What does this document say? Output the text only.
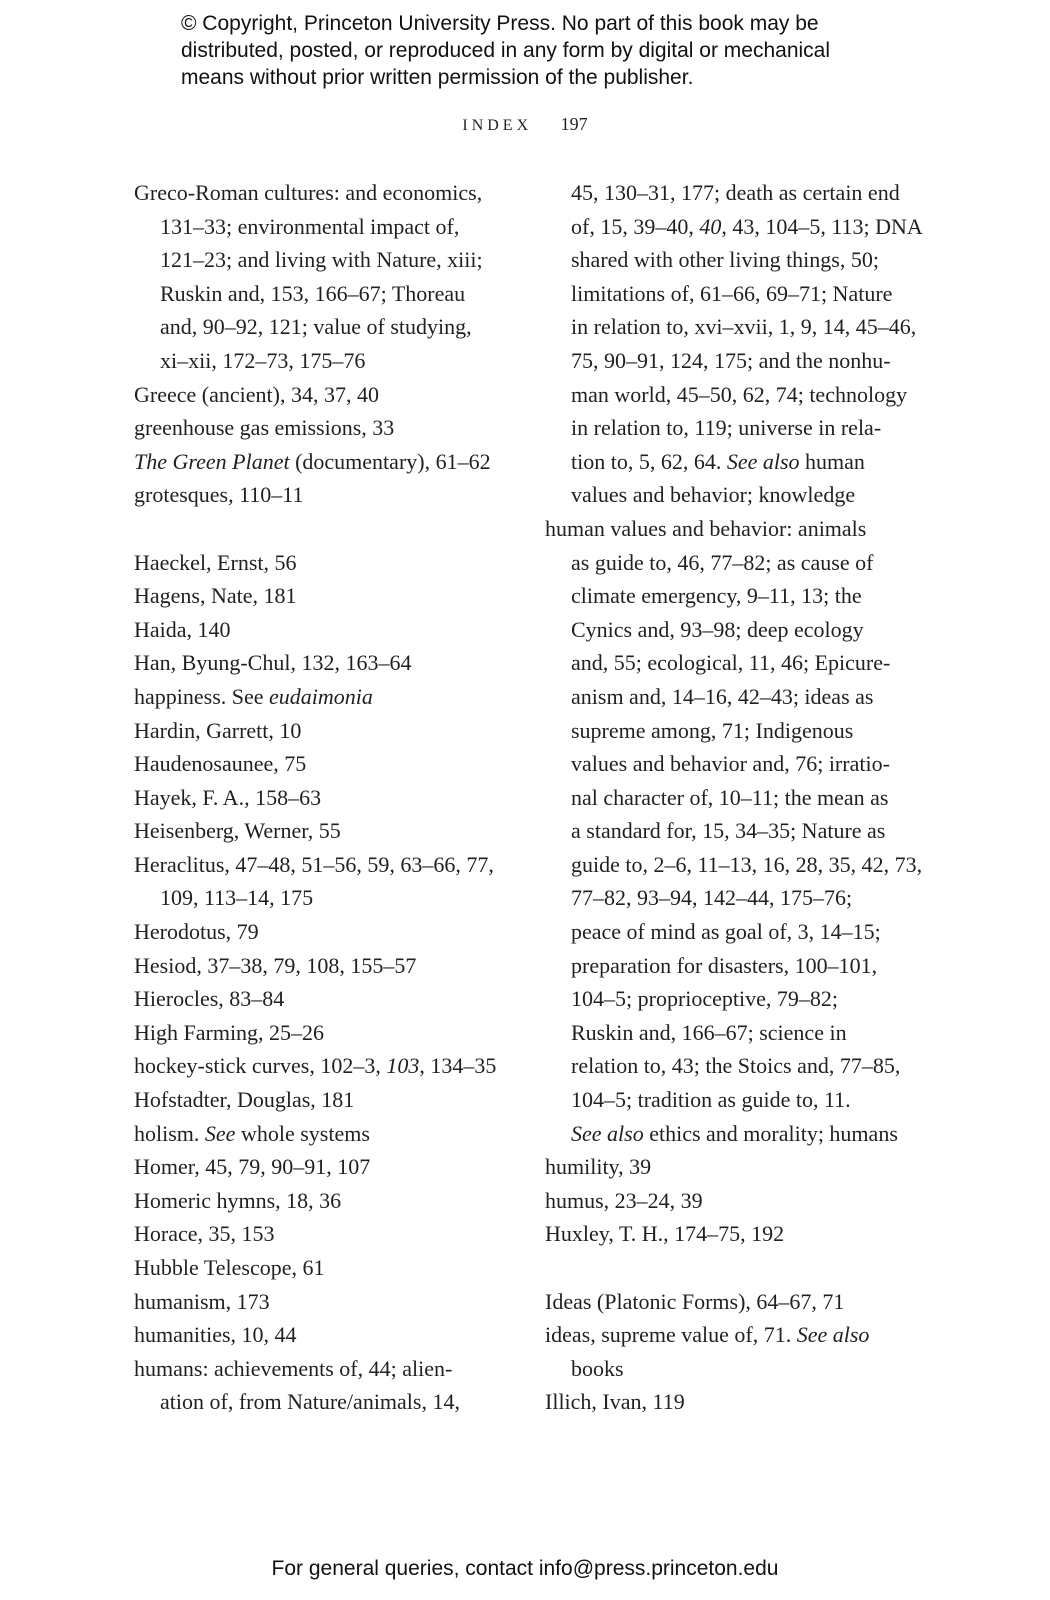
© Copyright, Princeton University Press. No part of this book may be
distributed, posted, or reproduced in any form by digital or mechanical
means without prior written permission of the publisher.
INDEX 197

Greco-Roman cultures: and economics,

131–33; environmental impact of,

121–23; and living with Nature, xiii;

Ruskin and, 153, 166–67; Thoreau

and, 90–92, 121; value of studying,

xi–xii, 172–73, 175–76

Greece (ancient), 34, 37, 40

greenhouse gas emissions, 33

The Green Planet (documentary), 61–62

grotesques, 110–11

Haeckel, Ernst, 56

Hagens, Nate, 181

Haida, 140

Han, Byung-Chul, 132, 163–64

happiness. See eudaimonia

Hardin, Garrett, 10

Haudenosaunee, 75

Hayek, F. A., 158–63

Heisenberg, Werner, 55

Heraclitus, 47–48, 51–56, 59, 63–66, 77,

109, 113–14, 175

Herodotus, 79

Hesiod, 37–38, 79, 108, 155–57

Hierocles, 83–84

High Farming, 25–26

hockey-stick curves, 102–3, 103, 134–35

Hofstadter, Douglas, 181

holism. See whole systems

Homer, 45, 79, 90–91, 107

Homeric hymns, 18, 36

Horace, 35, 153

Hubble Telescope, 61

humanism, 173

humanities, 10, 44

humans: achievements of, 44; alien-

ation of, from Nature/animals, 14,

45, 130–31, 177; death as certain end

of, 15, 39–40, 40, 43, 104–5, 113; DNA

shared with other living things, 50;

limitations of, 61–66, 69–71; Nature

in relation to, xvi–xvii, 1, 9, 14, 45–46,

75, 90–91, 124, 175; and the nonhu-

man world, 45–50, 62, 74; technology

in relation to, 119; universe in rela-

tion to, 5, 62, 64. See also human

values and behavior; knowledge

human values and behavior: animals

as guide to, 46, 77–82; as cause of

climate emergency, 9–11, 13; the

Cynics and, 93–98; deep ecology

and, 55; ecological, 11, 46; Epicure-

anism and, 14–16, 42–43; ideas as

supreme among, 71; Indigenous

values and behavior and, 76; irratio-

nal character of, 10–11; the mean as

a standard for, 15, 34–35; Nature as

guide to, 2–6, 11–13, 16, 28, 35, 42, 73,

77–82, 93–94, 142–44, 175–76;

peace of mind as goal of, 3, 14–15;

preparation for disasters, 100–101,

104–5; proprioceptive, 79–82;

Ruskin and, 166–67; science in

relation to, 43; the Stoics and, 77–85,

104–5; tradition as guide to, 11.

See also ethics and morality; humans

humility, 39

humus, 23–24, 39

Huxley, T. H., 174–75, 192

Ideas (Platonic Forms), 64–67, 71

ideas, supreme value of, 71. See also

books

Illich, Ivan, 119

For general queries, contact info@press.princeton.edu
